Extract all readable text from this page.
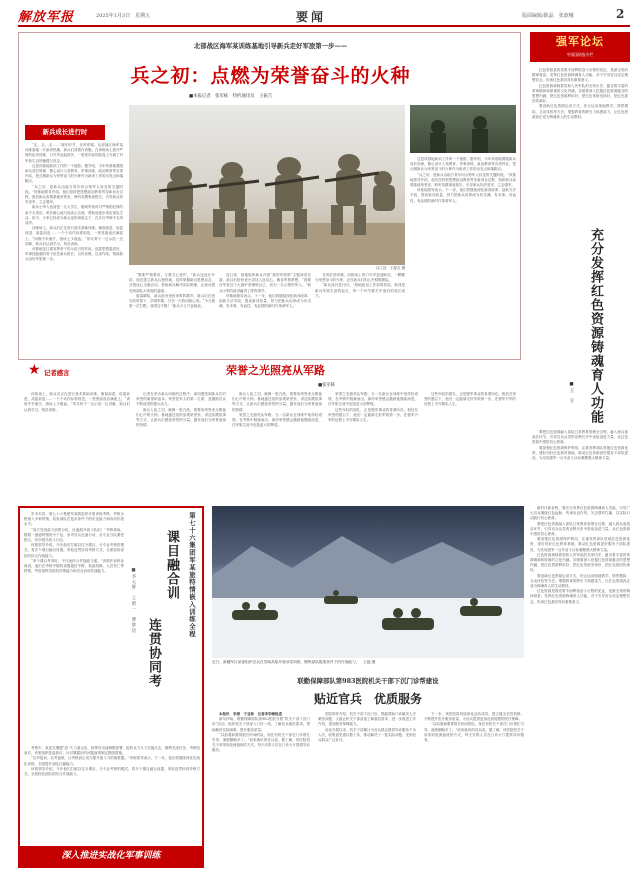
解放军报	2025年1月3日　星期五	要闻	版面编辑/陈晶　张歆峨	2
北部战区海军某训练基地引导新兵走好军旅第一步——
兵之初：点燃为荣誉奋斗的火种
■本报记者　张军栋　特约通讯员　王振吉
新兵成长进行时

“走，走，走……”凛冬时节，北风呼啸。北部战区海军某训练基地一片新训热潮。新兵们身着作训服，在训练场上展开严格的队列训练，口号声此起彼伏，一张张年轻的脸庞上写满了对军营生活的憧憬与坚定。

这是该基地新训工作的一个缩影。据介绍，今年该基地着眼新兵成长规律，精心设计入营教育、军事训练、政治教育等各项内容，把点燃新兵为荣誉奋斗的火种作为新训工作的出发点和落脚点。

“兵之初，是新兵由地方青年向合格军人转变的关键阶段。”该基地领导介绍，他们坚持把思想政治教育贯穿新训全过程，组织新兵参观基地荣誉室、聆听英模事迹报告，引导新兵知史爱军、立志强军。

新兵小李入伍前是一名大学生，刚到军营时对严格的纪律约束不太适应。班长耐心地与他谈心交流，帮助他逐步适应部队生活。如今，小李已经成为新兵连的训练尖子，在多次考核中名列前茅。

训练场上，新兵们正在进行战术基础训练。匍匐前进、低姿前进、高姿前进……一个个动作标准规范，一张张脸庞沾满泥土。“训练中多流汗，战场上少流血。”带兵骨干一边示范一边讲解，新兵们认真学习、刻苦训练。

该基地还注重发挥骨干的示范引领作用，选拔思想素质好、军事技能强的骨干担任新兵班长，言传身教、以身作则，帮助新兵迈好军旅第一步。

兵之初　 王振吉 摄

“既要严格要求，又要关心爱护。”新兵连连长介绍，他们建立新兵心理档案，及时掌握新兵思想动态，开展谈心交流活动，帮助新兵解决实际困难，让新兵感受到部队大家庭的温暖。

夜幕降临，新兵宿舍里传来阵阵歌声。新兵们在班长的带领下，学唱军歌，分享一天的训练心得。“今天我第一次打靶，成绩还不错！”新兵小王兴奋地说。

连日来，基地组织新兵开展“我的军旅梦”主题演讲比赛，新兵们纷纷登台讲述入伍初心，畅谈军旅梦想。“我要在军营这个大熔炉里锤炼自己，成为一名合格的军人。”新兵小张的演讲赢得了阵阵掌声。

该基地领导表示，下一步，他们将继续深化新训改革，创新方法手段，提高新训质量，努力把新兵培养成为有灵魂、有本事、有血性、有品德的新时代革命军人。

北风依旧呼啸，训练场上的口号声更加响亮。一颗颗为荣誉奋斗的火种，正在新兵们的心中熊熊燃烧。

“新兵成长进行时。”基地政治工作部领导说，新训是新兵军旅生涯的起点，每一个环节都关乎他们的成长成才。

这是该基地新训工作的一个缩影。据介绍，今年该基地着眼新兵成长规律，精心设计入营教育、军事训练、政治教育等各项内容，把点燃新兵为荣誉奋斗的火种作为新训工作的出发点和落脚点。

“兵之初，是新兵由地方青年向合格军人转变的关键阶段。”该基地领导介绍，他们坚持把思想政治教育贯穿新训全过程，组织新兵参观基地荣誉室、聆听英模事迹报告，引导新兵知史爱军、立志强军。

该基地领导表示，下一步，他们将继续深化新训改革，创新方法手段，提高新训质量，努力把新兵培养成为有灵魂、有本事、有血性、有品德的新时代革命军人。

★ 记者感言	荣誉之光照亮从军路
■张军栋

记者在采访新兵训练的过程中，深切感受到新兵们对荣誉的渴望和追求。荣誉是军人的第二生命，是激励官兵不断前进的强大动力。

新兵入伍之初，就像一张白纸，需要用荣誉来点燃他们心中的火种。基地通过组织参观荣誉室、讲述英模故事等方式，让新兵们感受荣誉的分量，激发他们为荣誉而战的热情。

新兵入伍之初，就像一张白纸，需要用荣誉来点燃他们心中的火种。基地通过组织参观荣誉室、讲述英模故事等方式，让新兵们感受荣誉的分量，激发他们为荣誉而战的热情。

荣誉之光照亮从军路。当一名新兵在训练中取得好成绩，在考核中脱颖而出，那份荣誉感会激励他继续前进，在军旅生涯中创造更大的辉煌。

荣誉之光照亮从军路。当一名新兵在训练中取得好成绩，在考核中脱颖而出，那份荣誉感会激励他继续前进，在军旅生涯中创造更大的辉煌。

这些年轻的面孔，正是强军事业的希望所在。相信在荣誉的感召下，他们一定能够走好军旅第一步，在强军兴军的征程上书写精彩人生。

这些年轻的面孔，正是强军事业的希望所在。相信在荣誉的感召下，他们一定能够走好军旅第一步，在强军兴军的征程上书写精彩人生。

训练场上，新兵们正在进行战术基础训练。匍匐前进、低姿前进、高姿前进……一个个动作标准规范，一张张脸庞沾满泥土。“训练中多流汗，战场上少流血。”带兵骨干一边示范一边讲解，新兵们认真学习、刻苦训练。

强军论坛
中国国防报专栏

红色资源是我党艰辛而辉煌奋斗历程的见证，是最宝贵的精神财富。发挥红色资源铸魂育人功能，对于引导官兵坚定理想信念、传承红色基因具有重要意义。

红色资源承载着党和人民军队的光荣历史，蕴含着丰富的革命精神和厚重的文化内涵。各级要深入挖掘红色资源蕴含的思想内涵，把红色资源利用好、把红色传统发扬好、把红色基因传承好。

要创新红色资源运用方式，综合运用现地教学、情景模拟、互动体验等方法，增强教育的吸引力和感染力，让红色资源真正成为铸魂育人的生动教材。

充分发挥红色资源铸魂育人功能
■王　平

要把红色资源融入部队日常教育管理全过程，融入练兵备战各环节，引导官兵从党的光辉历史中汲取奋进力量，从红色资源中感悟初心使命。

要加强红色资源保护利用，注重发挥部队驻地红色资源优势，建好用好红色教育基地，推动红色资源更好服务于部队建设，为实现建军一百年奋斗目标凝聚强大精神力量。

第七十六集团军某旅特情嵌入训练全程
课目融合训
连贯协同考
■李大辉　王昭一　曹梦洁

岁末年初，第七十六集团军某旅组织年度训练考核，考核全程嵌入多种特情，检验部队在复杂条件下的应变能力和协同作战水平。

“前方发现敌方侦察分队，迅速展开战斗队形！”考核现场，随着一道道特情指令下达，参考官兵迅速行动，各专业分队紧密配合，有序展开战斗行动。

该旅领导介绍，今年他们打破以往分课目、分专业考核的模式，将多个课目融合设置，采取连贯协同考核方式，全面检验部队的综合作战能力。

“单个课目考得好，不代表综合作战能力强。”该旅作训科参谋说，他们在考核中随机设置通信中断、装备故障、人员伤亡等特情，考验指挥员临机决策能力和官兵协同作战能力。

考核中，某连在遭遇“敌”火力袭击后，指挥员迅速调整部署，组织兵力火力实施反击，顺利完成任务。考核结束后，该旅组织复盘检讨，针对暴露出的问题逐项制定整改措施。

“以考促训、以考促练，让考核真正成为提升战斗力的助推器。”该旅领导表示，下一步，他们将继续深化实战化训练，全面提升部队打赢能力。

该旅领导介绍，今年他们打破以往分课目、分专业考核的模式，将多个课目融合设置，采取连贯协同考核方式，全面检验部队的综合作战能力。

深入推进实战化军事训练
近日，新疆军区某部组织官兵在雪域高原开展冰雪训练，锤炼部队极寒条件下的作战能力。　王越 摄
联勤保障部队第983医院机关干部下沉门诊帮建设
贴近官兵　优质服务

本报讯　李清　于亚林　记者李学峰报道

新年伊始，联勤保障部队第983医院开展“机关干部下沉门诊”活动，组织机关干部深入门诊一线，了解官兵就医需求，帮助解决实际困难，提升服务质量。

“以前看病要排很长时间的队，现在有机关干部在门诊帮忙引导，流程顺畅多了。”前来就诊的官兵说。据了解，该医院机关干部采取轮流值班的方式，每天安排人员在门诊大厅提供导诊服务。

医院领导介绍，机关干部下沉门诊，既能帮助门诊解决人手紧张问题，又能让机关干部直接了解基层需求，进一步改进工作作风，提高服务保障能力。

活动开展以来，机关干部累计为官兵群众提供导诊服务千余人次，收集意见建议数十条，推动解决了一批实际问题，受到官兵群众广泛好评。

下一步，该医院将持续深化活动成效，建立健全长效机制，不断提升医疗服务质量，为官兵提供更加优质便捷的医疗保障。

“以前看病要排很长时间的队，现在有机关干部在门诊帮忙引导，流程顺畅多了。”前来就诊的官兵说。据了解，该医院机关干部采取轮流值班的方式，每天安排人员在门诊大厅提供导诊服务。

新时代新征程，要充分发挥红色资源铸魂育人功能，引导广大官兵赓续红色血脉，传承优良作风，矢志强军打赢，以实际行动践行初心使命。

要把红色资源融入部队日常教育管理全过程，融入练兵备战各环节，引导官兵从党的光辉历史中汲取奋进力量，从红色资源中感悟初心使命。

要加强红色资源保护利用，注重发挥部队驻地红色资源优势，建好用好红色教育基地，推动红色资源更好服务于部队建设，为实现建军一百年奋斗目标凝聚强大精神力量。

红色资源承载着党和人民军队的光荣历史，蕴含着丰富的革命精神和厚重的文化内涵。各级要深入挖掘红色资源蕴含的思想内涵，把红色资源利用好、把红色传统发扬好、把红色基因传承好。

要创新红色资源运用方式，综合运用现地教学、情景模拟、互动体验等方法，增强教育的吸引力和感染力，让红色资源真正成为铸魂育人的生动教材。

红色资源是我党艰辛而辉煌奋斗历程的见证，是最宝贵的精神财富。发挥红色资源铸魂育人功能，对于引导官兵坚定理想信念、传承红色基因具有重要意义。
